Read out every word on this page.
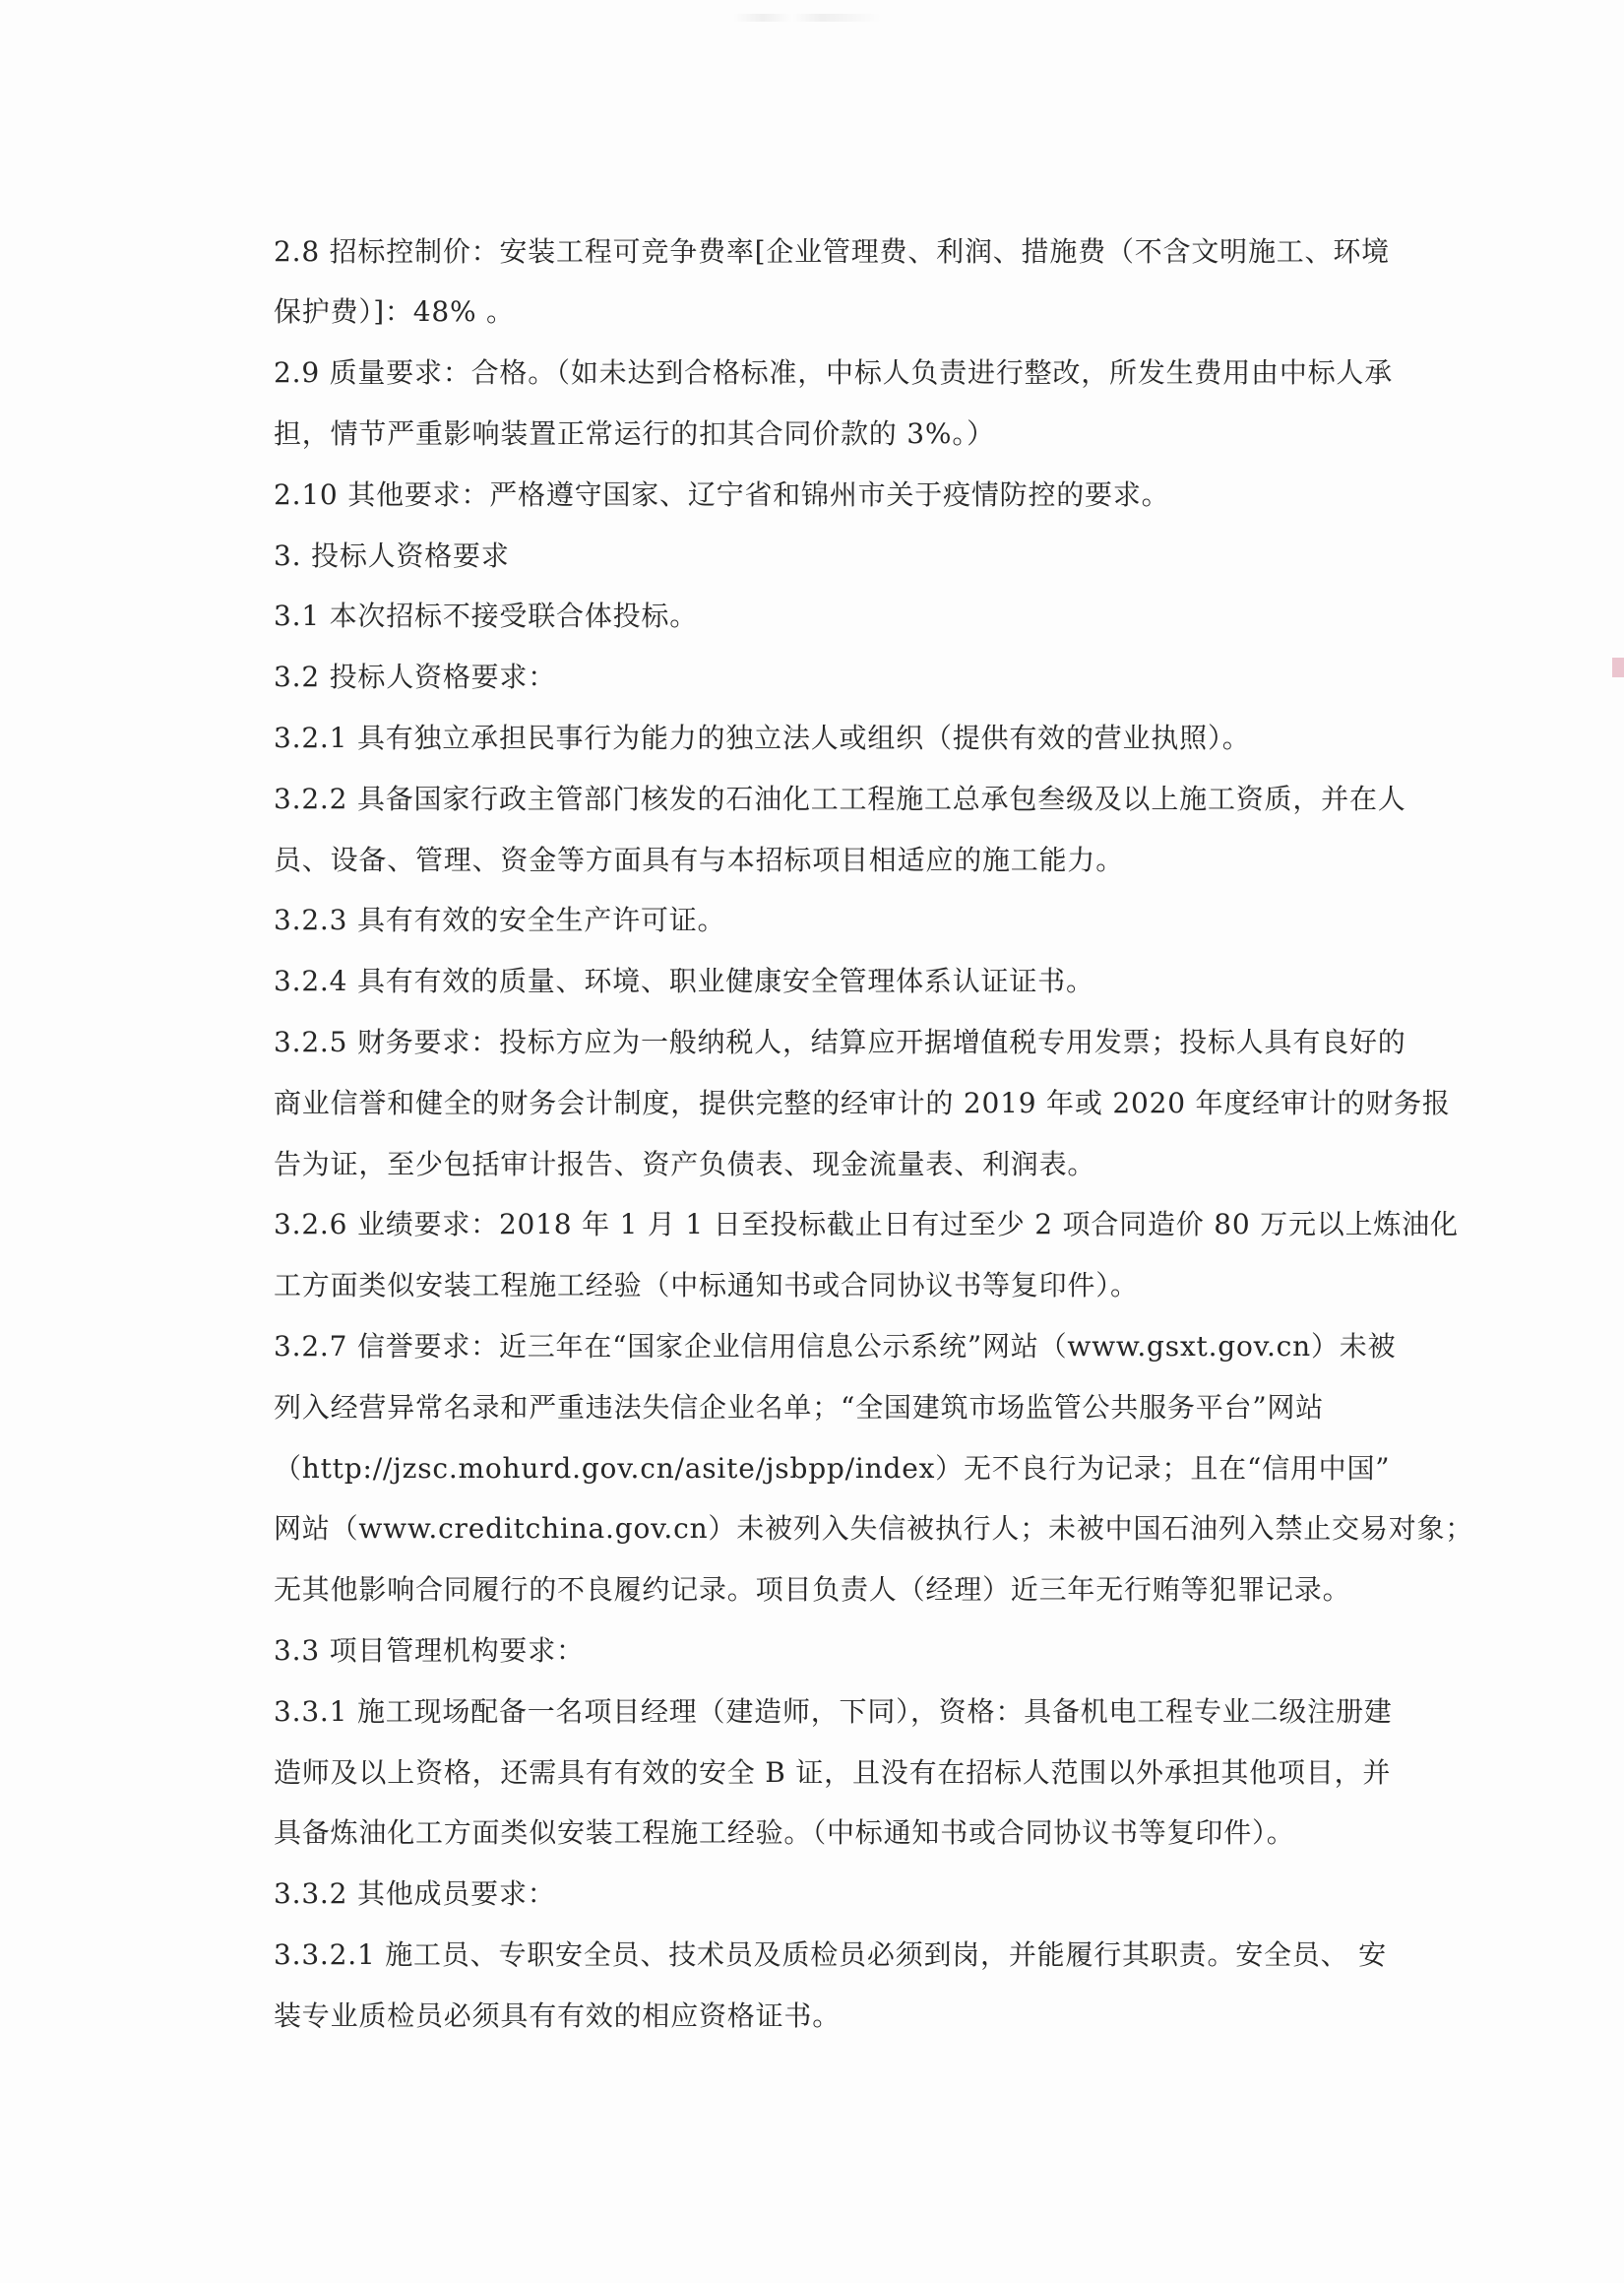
2.8 招标控制价：安装工程可竞争费率[企业管理费、利润、措施费（不含文明施工、环境
保护费）]：48% 。
2.9 质量要求：合格。（如未达到合格标准，中标人负责进行整改，所发生费用由中标人承
担，情节严重影响装置正常运行的扣其合同价款的 3%。）
2.10 其他要求：严格遵守国家、辽宁省和锦州市关于疫情防控的要求。
3. 投标人资格要求
3.1 本次招标不接受联合体投标。
3.2 投标人资格要求：
3.2.1 具有独立承担民事行为能力的独立法人或组织（提供有效的营业执照）。
3.2.2 具备国家行政主管部门核发的石油化工工程施工总承包叁级及以上施工资质，并在人
员、设备、管理、资金等方面具有与本招标项目相适应的施工能力。
3.2.3 具有有效的安全生产许可证。
3.2.4 具有有效的质量、环境、职业健康安全管理体系认证证书。
3.2.5 财务要求：投标方应为一般纳税人，结算应开据增值税专用发票；投标人具有良好的
商业信誉和健全的财务会计制度，提供完整的经审计的 2019 年或 2020 年度经审计的财务报
告为证，至少包括审计报告、资产负债表、现金流量表、利润表。
3.2.6 业绩要求：2018 年 1 月 1 日至投标截止日有过至少 2 项合同造价 80 万元以上炼油化
工方面类似安装工程施工经验（中标通知书或合同协议书等复印件）。
3.2.7 信誉要求：近三年在“国家企业信用信息公示系统”网站（www.gsxt.gov.cn）未被
列入经营异常名录和严重违法失信企业名单；“全国建筑市场监管公共服务平台”网站
（http://jzsc.mohurd.gov.cn/asite/jsbpp/index）无不良行为记录；且在“信用中国”
网站（www.creditchina.gov.cn）未被列入失信被执行人；未被中国石油列入禁止交易对象；
无其他影响合同履行的不良履约记录。项目负责人（经理）近三年无行贿等犯罪记录。
3.3 项目管理机构要求：
3.3.1 施工现场配备一名项目经理（建造师，下同），资格：具备机电工程专业二级注册建
造师及以上资格，还需具有有效的安全 B 证，且没有在招标人范围以外承担其他项目，并
具备炼油化工方面类似安装工程施工经验。（中标通知书或合同协议书等复印件）。
3.3.2 其他成员要求：
3.3.2.1 施工员、专职安全员、技术员及质检员必须到岗，并能履行其职责。安全员、 安
装专业质检员必须具有有效的相应资格证书。
